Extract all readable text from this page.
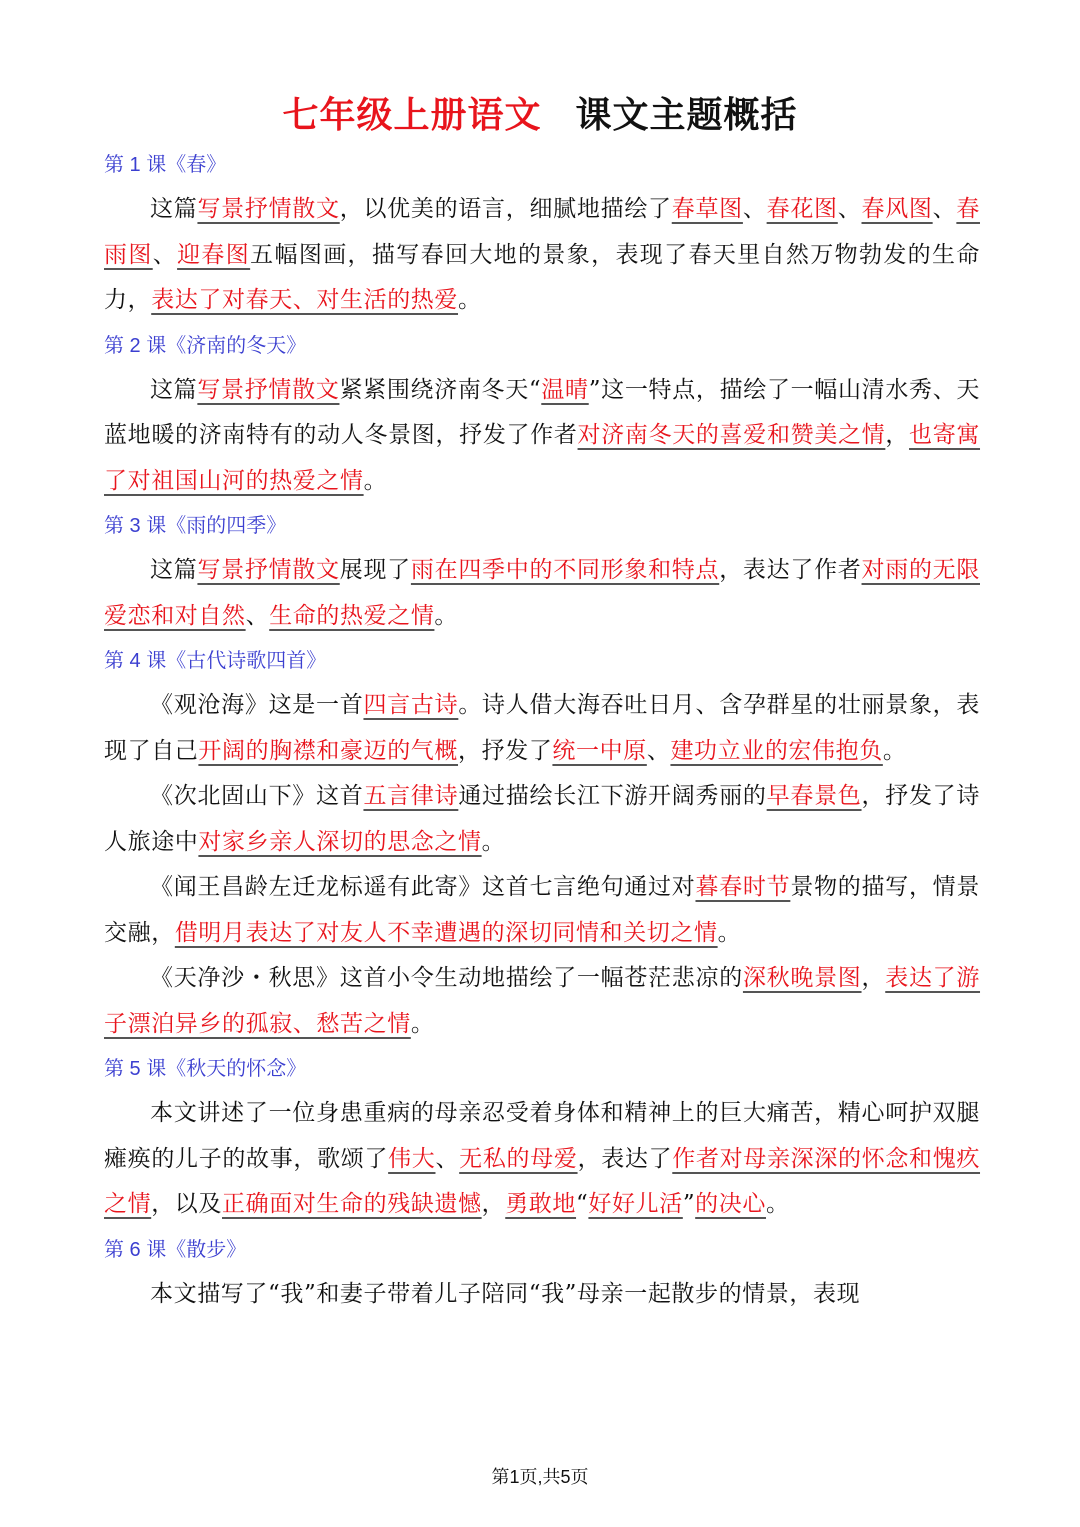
七年级上册语文 课文主题概括
第 1 课《春》

这篇写景抒情散文，以优美的语言，细腻地描绘了春草图、春花图、春风图、春雨图、迎春图五幅图画，描写春回大地的景象，表现了春天里自然万物勃发的生命力，表达了对春天、对生活的热爱。

第 2 课《济南的冬天》

这篇写景抒情散文紧紧围绕济南冬天“温晴”这一特点，描绘了一幅山清水秀、天蓝地暖的济南特有的动人冬景图，抒发了作者对济南冬天的喜爱和赞美之情，也寄寓了对祖国山河的热爱之情。

第 3 课《雨的四季》

这篇写景抒情散文展现了雨在四季中的不同形象和特点，表达了作者对雨的无限爱恋和对自然、生命的热爱之情。

第 4 课《古代诗歌四首》

《观沧海》这是一首四言古诗。诗人借大海吞吐日月、含孕群星的壮丽景象，表现了自己开阔的胸襟和豪迈的气概，抒发了统一中原、建功立业的宏伟抱负。

《次北固山下》这首五言律诗通过描绘长江下游开阔秀丽的早春景色，抒发了诗人旅途中对家乡亲人深切的思念之情。

《闻王昌龄左迁龙标遥有此寄》这首七言绝句通过对暮春时节景物的描写，情景交融，借明月表达了对友人不幸遭遇的深切同情和关切之情。

《天净沙・秋思》这首小令生动地描绘了一幅苍茫悲凉的深秋晚景图，表达了游子漂泊异乡的孤寂、愁苦之情。

第 5 课《秋天的怀念》

本文讲述了一位身患重病的母亲忍受着身体和精神上的巨大痛苦，精心呵护双腿瘫痪的儿子的故事，歌颂了伟大、无私的母爱，表达了作者对母亲深深的怀念和愧疚之情，以及正确面对生命的残缺遗憾，勇敢地“好好儿活”的决心。

第 6 课《散步》

本文描写了“我”和妻子带着儿子陪同“我”母亲一起散步的情景，表现

第1页,共5页
